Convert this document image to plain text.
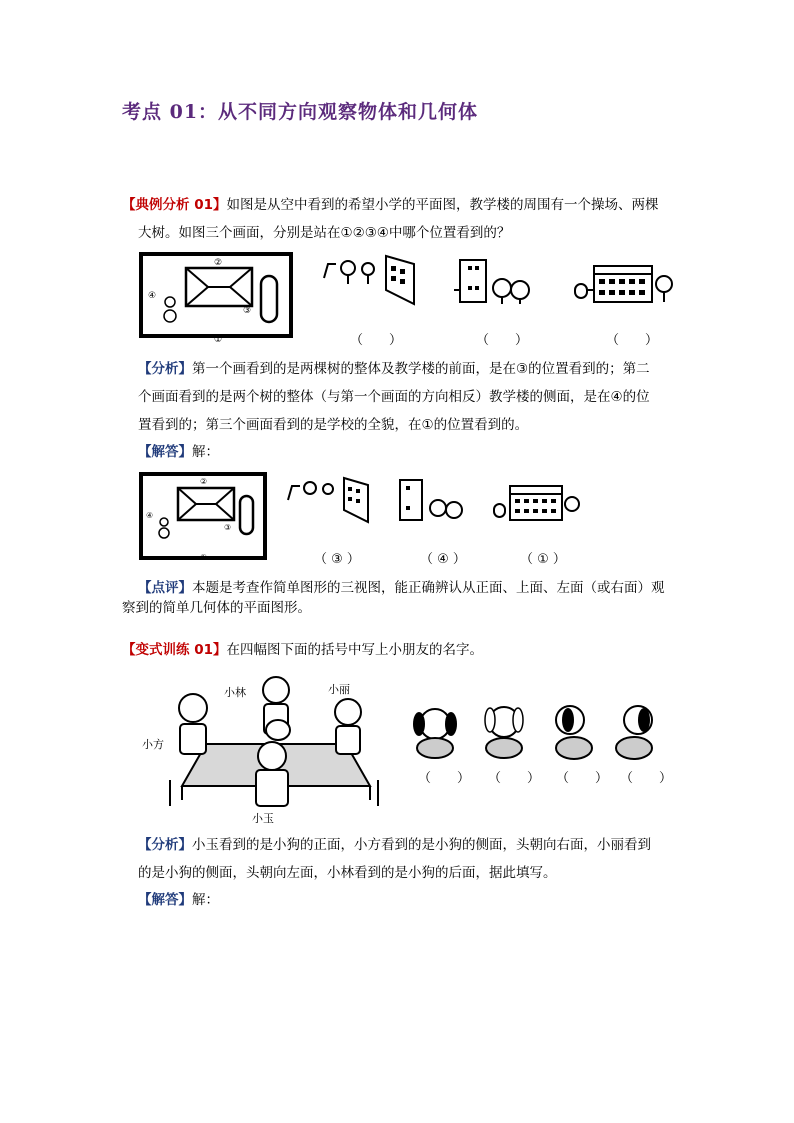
考点 01：从不同方向观察物体和几何体
【典例分析 01】如图是从空中看到的希望小学的平面图，教学楼的周围有一个操场、两棵
大树。如图三个画面，分别是站在①②③④中哪个位置看到的？
②
④
③
①	（　　）	（　　）	（　　）
【分析】第一个画看到的是两棵树的整体及教学楼的前面，是在③的位置看到的；第二
个画面看到的是两个树的整体（与第一个画面的方向相反）教学楼的侧面，是在④的位
置看到的；第三个画面看到的是学校的全貌，在①的位置看到的。
【解答】解：
②
④
③
①	（ ③ ）	（ ④ ）	（ ① ）
【点评】本题是考查作简单图形的三视图，能正确辨认从正面、上面、左面（或右面）观
察到的简单几何体的平面图形。
【变式训练 01】在四幅图下面的括号中写上小朋友的名字。
小林	小丽
小方
小玉
（　　） （　　） （　　） （　　）
【分析】小玉看到的是小狗的正面，小方看到的是小狗的侧面，头朝向右面，小丽看到
的是小狗的侧面，头朝向左面，小林看到的是小狗的后面，据此填写。
【解答】解：
